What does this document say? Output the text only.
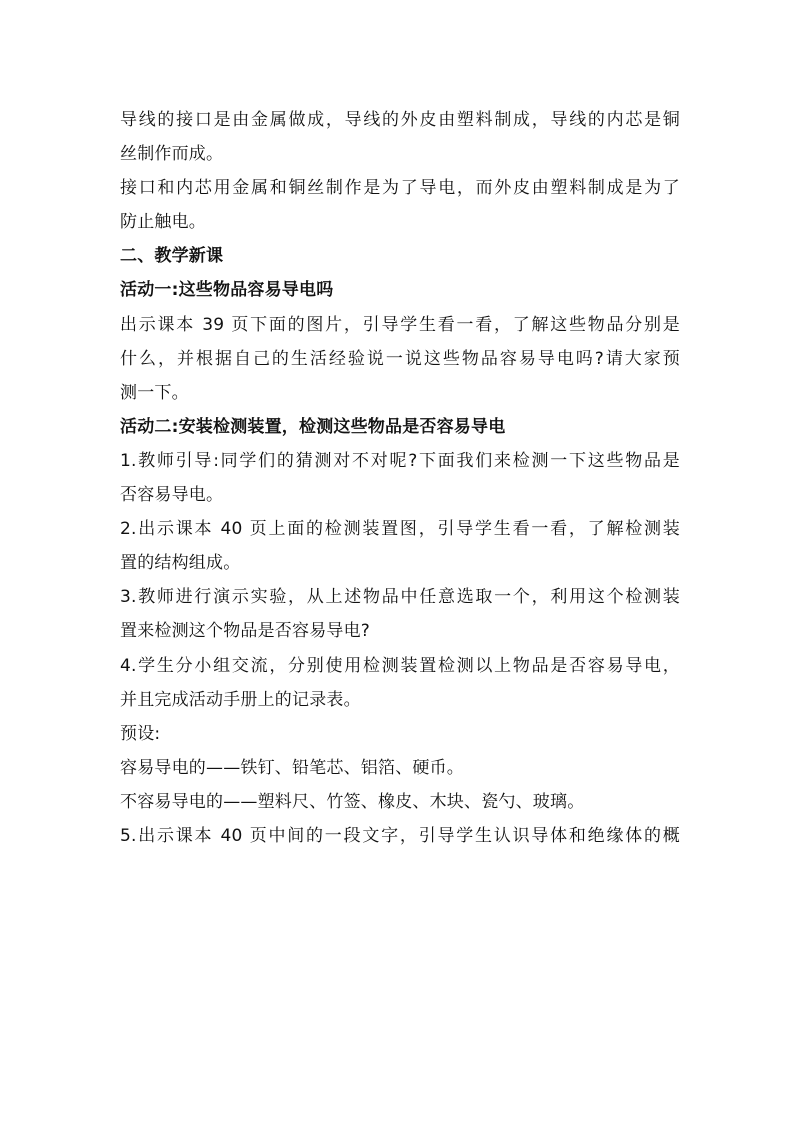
导线的接口是由金属做成，导线的外皮由塑料制成，导线的内芯是铜
丝制作而成。
接口和内芯用金属和铜丝制作是为了导电，而外皮由塑料制成是为了
防止触电。
二、教学新课
活动一:这些物品容易导电吗
出示课本 39 页下面的图片，引导学生看一看，了解这些物品分别是
什么，并根据自己的生活经验说一说这些物品容易导电吗?请大家预
测一下。
活动二:安装检测装置，检测这些物品是否容易导电
1.教师引导:同学们的猜测对不对呢?下面我们来检测一下这些物品是
否容易导电。
2.出示课本 40 页上面的检测装置图，引导学生看一看，了解检测装
置的结构组成。
3.教师进行演示实验，从上述物品中任意选取一个，利用这个检测装
置来检测这个物品是否容易导电?
4.学生分小组交流，分别使用检测装置检测以上物品是否容易导电，
并且完成活动手册上的记录表。
预设:
容易导电的——铁钉、铅笔芯、铝箔、硬币。
不容易导电的——塑料尺、竹签、橡皮、木块、瓷勺、玻璃。
5.出示课本 40 页中间的一段文字，引导学生认识导体和绝缘体的概
